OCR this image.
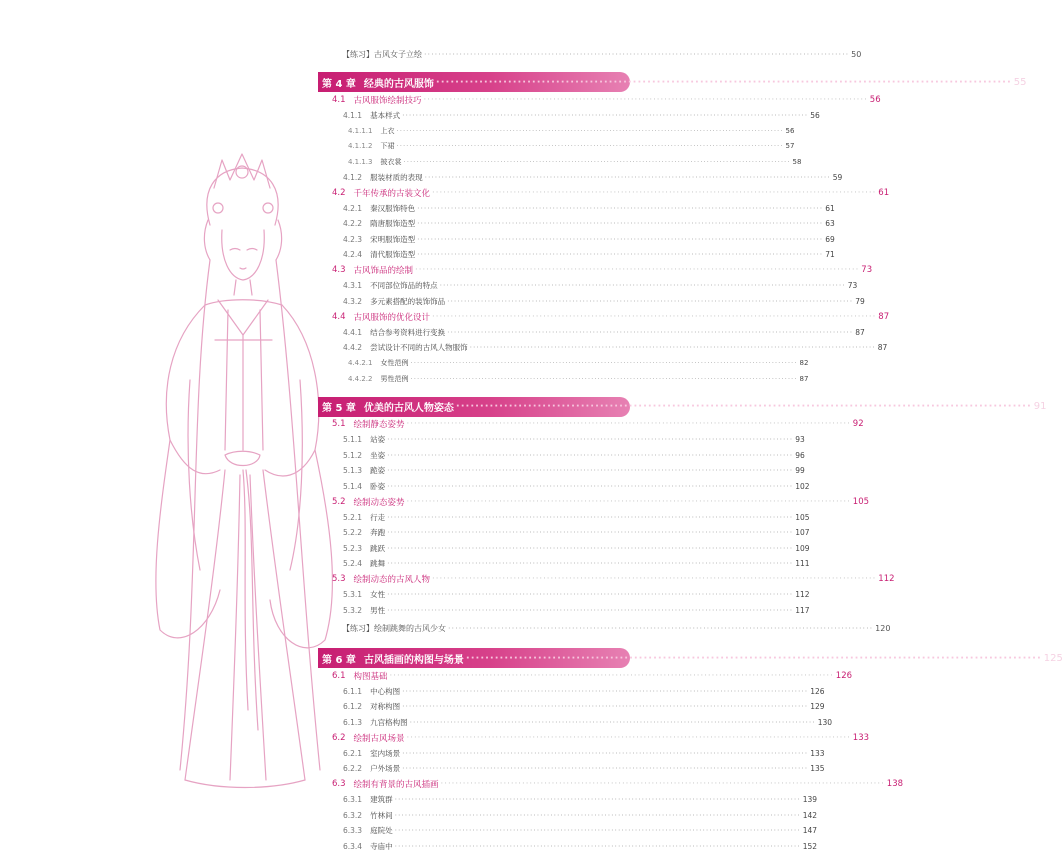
【练习】古风女子立绘 ························································································································ 50
第 4 章 经典的古风服饰 ························································································································ 55
4.1 古风服饰绘制技巧 ························································································································ 56
4.1.1 基本样式 ························································································································ 56
4.1.1.1 上衣 ························································································································ 56
4.1.1.2 下裙 ························································································································ 57
4.1.1.3 披衣裳 ························································································································ 58
4.1.2 服装材质的表现 ························································································································ 59
4.2 千年传承的古装文化 ························································································································ 61
4.2.1 秦汉服饰特色 ························································································································ 61
4.2.2 隋唐服饰造型 ························································································································ 63
4.2.3 宋明服饰造型 ························································································································ 69
4.2.4 清代服饰造型 ························································································································ 71
4.3 古风饰品的绘制 ························································································································ 73
4.3.1 不同部位饰品的特点 ························································································································ 73
4.3.2 多元素搭配的装饰饰品 ························································································································ 79
4.4 古风服饰的优化设计 ························································································································ 87
4.4.1 结合参考资料进行变换 ························································································································ 87
4.4.2 尝试设计不同的古风人物服饰 ························································································································ 87
4.4.2.1 女性范例 ························································································································ 82
4.4.2.2 男性范例 ························································································································ 87
第 5 章 优美的古风人物姿态 ························································································································ 91
5.1 绘制静态姿势 ························································································································ 92
5.1.1 站姿 ························································································································ 93
5.1.2 坐姿 ························································································································ 96
5.1.3 跪姿 ························································································································ 99
5.1.4 卧姿 ························································································································ 102
5.2 绘制动态姿势 ························································································································ 105
5.2.1 行走 ························································································································ 105
5.2.2 奔跑 ························································································································ 107
5.2.3 跳跃 ························································································································ 109
5.2.4 跳舞 ························································································································ 111
5.3 绘制动态的古风人物 ························································································································ 112
5.3.1 女性 ························································································································ 112
5.3.2 男性 ························································································································ 117
【练习】绘制跳舞的古风少女 ························································································································ 120
第 6 章 古风插画的构图与场景 ························································································································ 125
6.1 构图基础 ························································································································ 126
6.1.1 中心构图 ························································································································ 126
6.1.2 对称构图 ························································································································ 129
6.1.3 九宫格构图 ························································································································ 130
6.2 绘制古风场景 ························································································································ 133
6.2.1 室内场景 ························································································································ 133
6.2.2 户外场景 ························································································································ 135
6.3 绘制有背景的古风插画 ························································································································ 138
6.3.1 建筑群 ························································································································ 139
6.3.2 竹林间 ························································································································ 142
6.3.3 庭院处 ························································································································ 147
6.3.4 寺庙中 ························································································································ 152
